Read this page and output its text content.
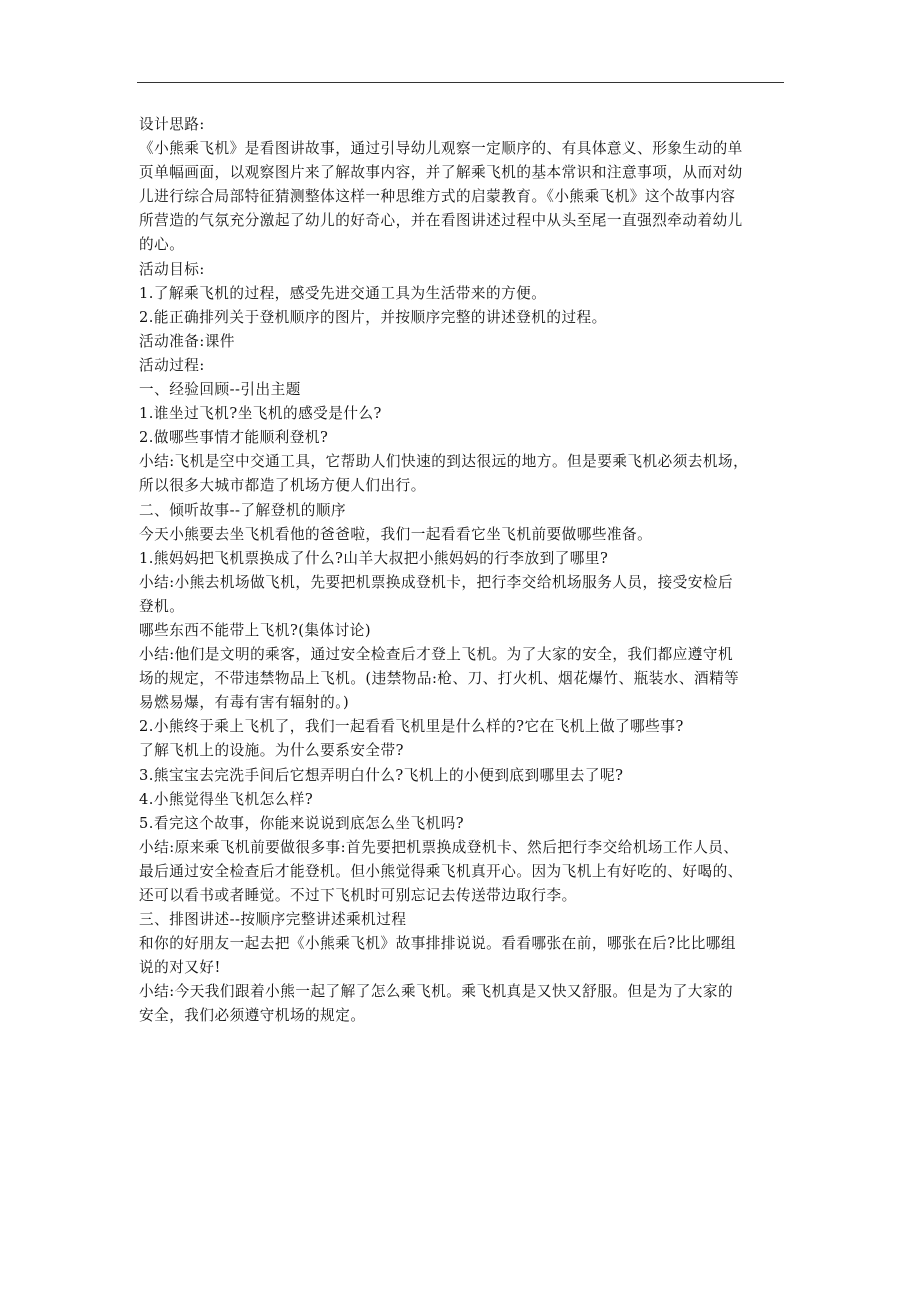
设计思路:
《小熊乘飞机》是看图讲故事，通过引导幼儿观察一定顺序的、有具体意义、形象生动的单
页单幅画面，以观察图片来了解故事内容，并了解乘飞机的基本常识和注意事项，从而对幼
儿进行综合局部特征猜测整体这样一种思维方式的启蒙教育。《小熊乘飞机》这个故事内容
所营造的气氛充分激起了幼儿的好奇心，并在看图讲述过程中从头至尾一直强烈牵动着幼儿
的心。
活动目标:
1.了解乘飞机的过程，感受先进交通工具为生活带来的方便。
2.能正确排列关于登机顺序的图片，并按顺序完整的讲述登机的过程。
活动准备:课件
活动过程:
一、经验回顾--引出主题
1.谁坐过飞机?坐飞机的感受是什么?
2.做哪些事情才能顺利登机?
小结:飞机是空中交通工具，它帮助人们快速的到达很远的地方。但是要乘飞机必须去机场，
所以很多大城市都造了机场方便人们出行。
二、倾听故事--了解登机的顺序
今天小熊要去坐飞机看他的爸爸啦，我们一起看看它坐飞机前要做哪些准备。
1.熊妈妈把飞机票换成了什么?山羊大叔把小熊妈妈的行李放到了哪里?
小结:小熊去机场做飞机，先要把机票换成登机卡，把行李交给机场服务人员，接受安检后
登机。
哪些东西不能带上飞机?(集体讨论)
小结:他们是文明的乘客，通过安全检查后才登上飞机。为了大家的安全，我们都应遵守机
场的规定，不带违禁物品上飞机。(违禁物品:枪、刀、打火机、烟花爆竹、瓶装水、酒精等
易燃易爆，有毒有害有辐射的。)
2.小熊终于乘上飞机了，我们一起看看飞机里是什么样的?它在飞机上做了哪些事?
了解飞机上的设施。为什么要系安全带?
3.熊宝宝去完洗手间后它想弄明白什么?飞机上的小便到底到哪里去了呢?
4.小熊觉得坐飞机怎么样?
5.看完这个故事，你能来说说到底怎么坐飞机吗?
小结:原来乘飞机前要做很多事:首先要把机票换成登机卡、然后把行李交给机场工作人员、
最后通过安全检查后才能登机。但小熊觉得乘飞机真开心。因为飞机上有好吃的、好喝的、
还可以看书或者睡觉。不过下飞机时可别忘记去传送带边取行李。
三、排图讲述--按顺序完整讲述乘机过程
和你的好朋友一起去把《小熊乘飞机》故事排排说说。看看哪张在前，哪张在后?比比哪组
说的对又好!
小结:今天我们跟着小熊一起了解了怎么乘飞机。乘飞机真是又快又舒服。但是为了大家的
安全，我们必须遵守机场的规定。
